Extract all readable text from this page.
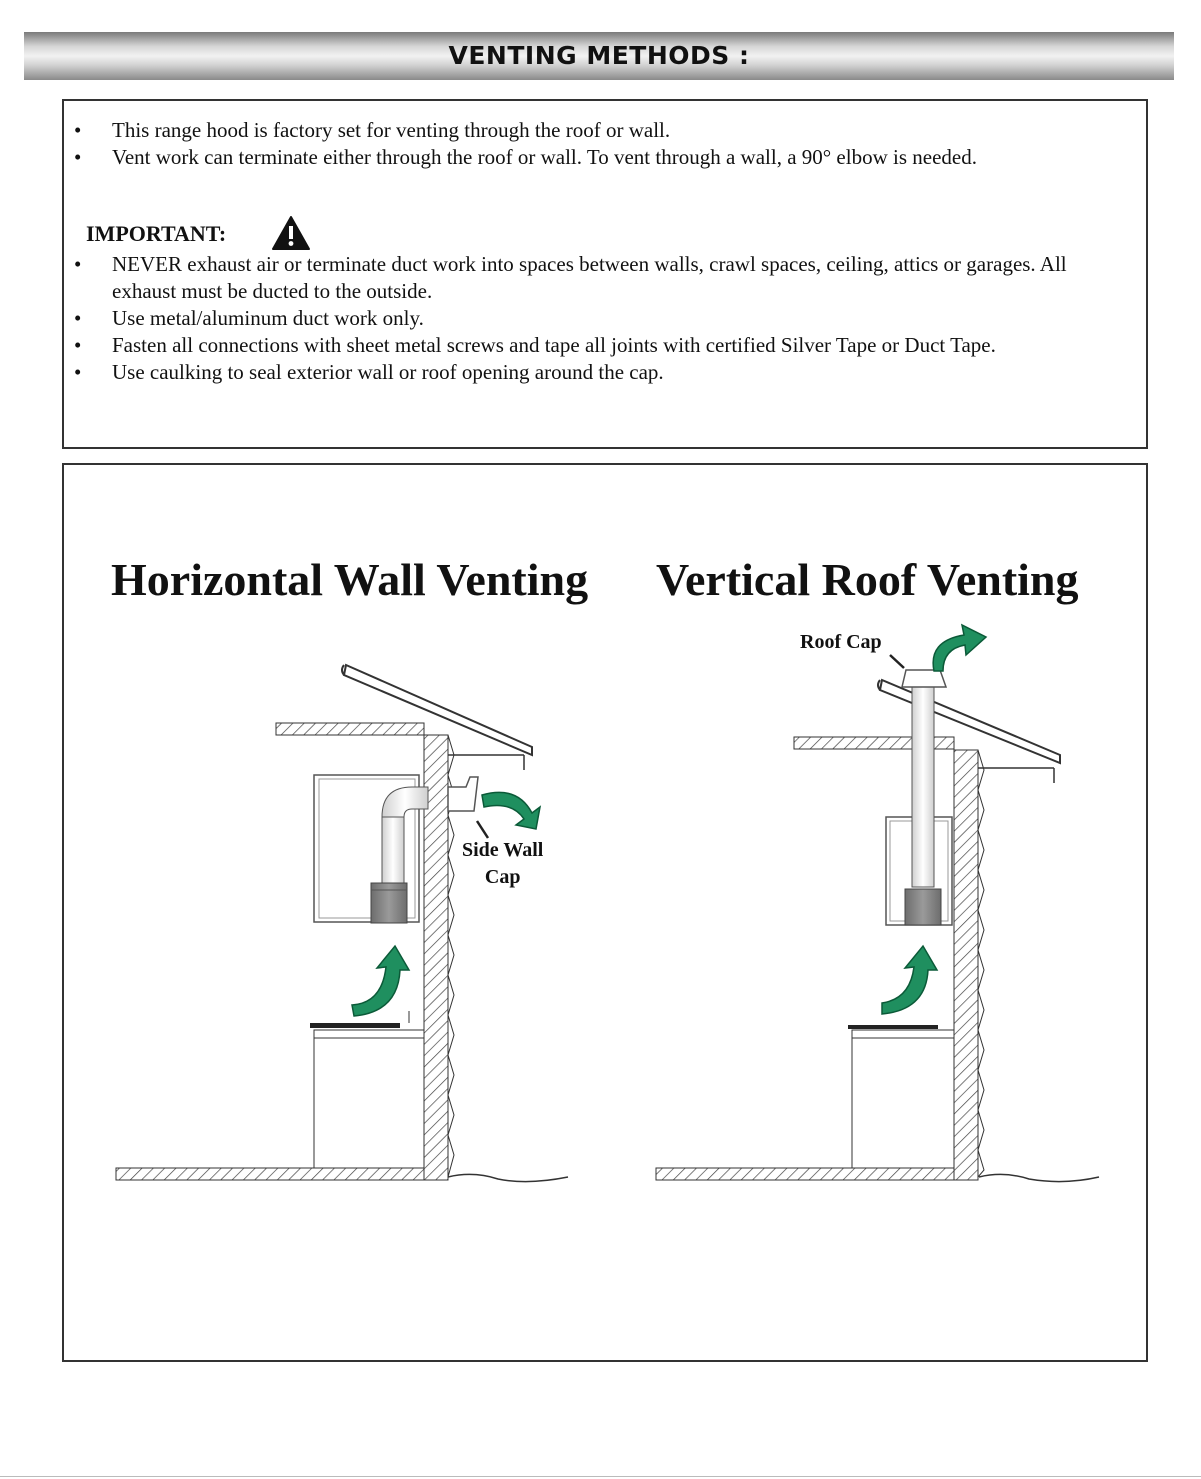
VENTING METHODS :
• This range hood is factory set for venting through the roof or wall.
• Vent work can terminate either through the roof or wall. To vent through a wall, a 90° elbow is needed.
IMPORTANT:
• NEVER exhaust air or terminate duct work into spaces between walls, crawl spaces, ceiling, attics or garages. All exhaust must be ducted to the outside.
• Use metal/aluminum duct work only.
• Fasten all connections with sheet metal screws and tape all joints with certified Silver Tape or Duct Tape.
• Use caulking to seal exterior wall or roof opening around the cap.
Horizontal Wall Venting Vertical Roof Venting
Side Wall
Cap
Roof Cap
